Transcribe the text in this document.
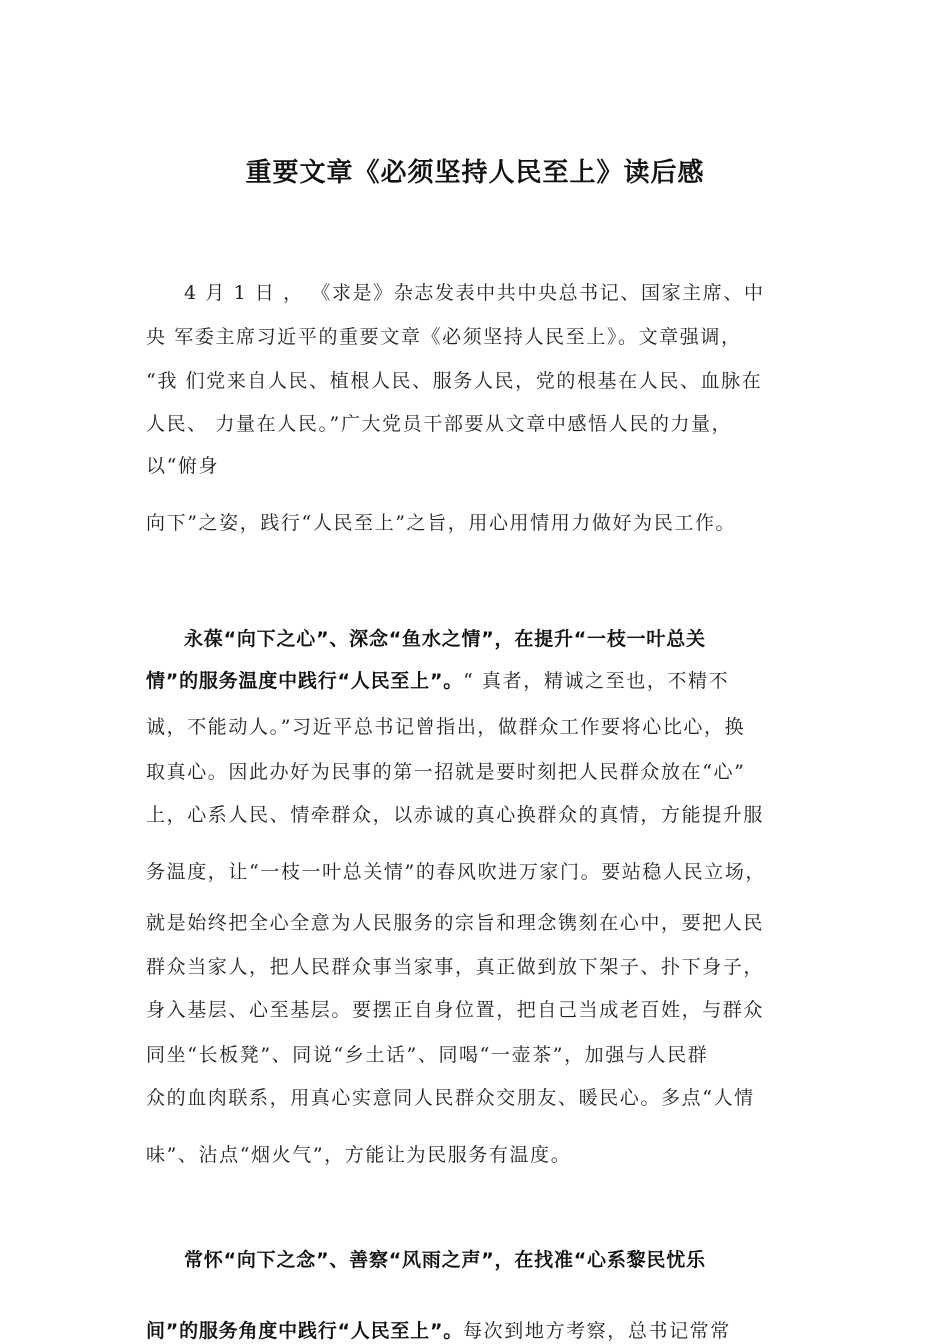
重要文章《必须坚持人民至上》读后感
4 月 1 日 ， 《求是》杂志发表中共中央总书记、国家主席、中
央 军委主席习近平的重要文章《必须坚持人民至上》。文章强调，
“我 们党来自人民、植根人民、服务人民，党的根基在人民、血脉在
人民、 力量在人民。”广大党员干部要从文章中感悟人民的力量，
以“俯身
向下”之姿，践行“人民至上”之旨，用心用情用力做好为民工作。
永葆“向下之心”、深念“鱼水之情”，在提升“一枝一叶总关
情”的服务温度中践行“人民至上”。“ 真者，精诚之至也，不精不
诚，不能动人。”习近平总书记曾指出，做群众工作要将心比心，换
取真心。因此办好为民事的第一招就是要时刻把人民群众放在“心”
上，心系人民、情牵群众，以赤诚的真心换群众的真情，方能提升服
务温度，让“一枝一叶总关情”的春风吹进万家门。要站稳人民立场，
就是始终把全心全意为人民服务的宗旨和理念镌刻在心中，要把人民
群众当家人，把人民群众事当家事，真正做到放下架子、扑下身子，
身入基层、心至基层。要摆正自身位置，把自己当成老百姓，与群众
同坐“长板凳”、同说“乡土话”、同喝“一壶茶”，加强与人民群
众的血肉联系，用真心实意同人民群众交朋友、暖民心。多点“人情
味”、沾点“烟火气”，方能让为民服务有温度。
常怀“向下之念”、善察“风雨之声”，在找准“心系黎民忧乐
间”的服务角度中践行“人民至上”。每次到地方考察，总书记常常
